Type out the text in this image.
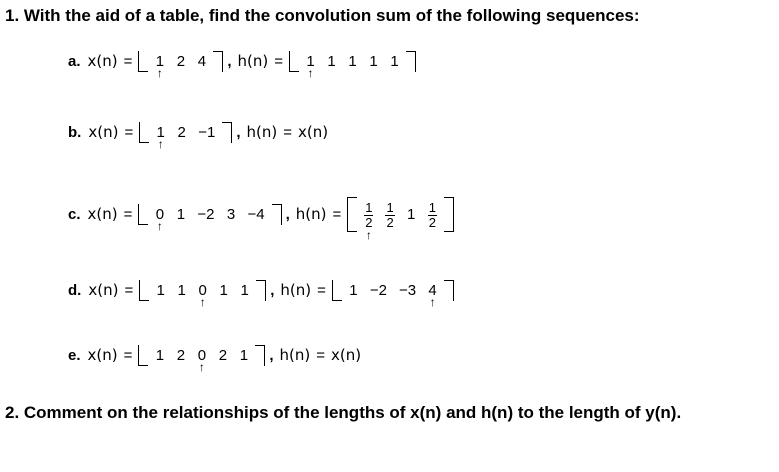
1. With the aid of a table, find the convolution sum of the following sequences:
a. x(n) = 1
↑
2 4 , h(n) = 1
↑
1 1 1 1
b. x(n) = 1
↑
2 −1 , h(n) = x(n)
c. x(n) = 0
↑
1 −2 3 −4 , h(n) = 1
2
↑
$\frac{1}{2} 1 \frac{1}{2}$
d. x(n) = 1 1 0
↑
1 1 , h(n) = 1 −2 −3 4
↑
e. x(n) = 1 2 0
↑
2 1 , h(n) = x(n)
2. Comment on the relationships of the lengths of x(n) and h(n) to the length of y(n).
